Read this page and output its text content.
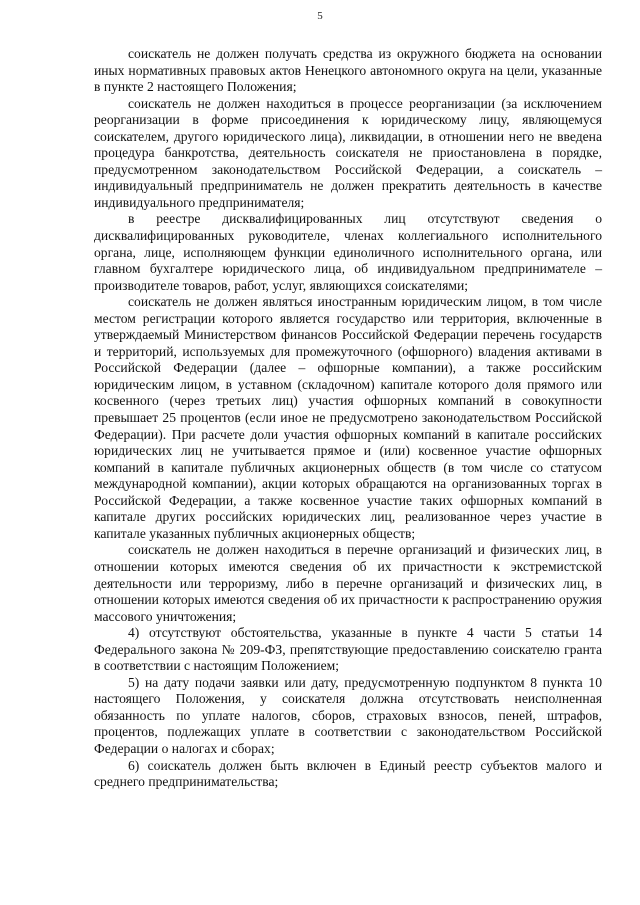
5

соискатель не должен получать средства из окружного бюджета на основании иных нормативных правовых актов Ненецкого автономного округа на цели, указанные в пункте 2 настоящего Положения;

соискатель не должен находиться в процессе реорганизации (за исключением реорганизации в форме присоединения к юридическому лицу, являющемуся соискателем, другого юридического лица), ликвидации, в отношении него не введена процедура банкротства, деятельность соискателя не приостановлена в порядке, предусмотренном законодательством Российской Федерации, а соискатель – индивидуальный предприниматель не должен прекратить деятельность в качестве индивидуального предпринимателя;

в реестре дисквалифицированных лиц отсутствуют сведения о дисквалифицированных руководителе, членах коллегиального исполнительного органа, лице, исполняющем функции единоличного исполнительного органа, или главном бухгалтере юридического лица, об индивидуальном предпринимателе – производителе товаров, работ, услуг, являющихся соискателями;

соискатель не должен являться иностранным юридическим лицом, в том числе местом регистрации которого является государство или территория, включенные в утверждаемый Министерством финансов Российской Федерации перечень государств и территорий, используемых для промежуточного (офшорного) владения активами в Российской Федерации (далее – офшорные компании), а также российским юридическим лицом, в уставном (складочном) капитале которого доля прямого или косвенного (через третьих лиц) участия офшорных компаний в совокупности превышает 25 процентов (если иное не предусмотрено законодательством Российской Федерации). При расчете доли участия офшорных компаний в капитале российских юридических лиц не учитывается прямое и (или) косвенное участие офшорных компаний в капитале публичных акционерных обществ (в том числе со статусом международной компании), акции которых обращаются на организованных торгах в Российской Федерации, а также косвенное участие таких офшорных компаний в капитале других российских юридических лиц, реализованное через участие в капитале указанных публичных акционерных обществ;

соискатель не должен находиться в перечне организаций и физических лиц, в отношении которых имеются сведения об их причастности к экстремистской деятельности или терроризму, либо в перечне организаций и физических лиц, в отношении которых имеются сведения об их причастности к распространению оружия массового уничтожения;

4) отсутствуют обстоятельства, указанные в пункте 4 части 5 статьи 14 Федерального закона № 209-ФЗ, препятствующие предоставлению соискателю гранта в соответствии с настоящим Положением;

5) на дату подачи заявки или дату, предусмотренную подпунктом 8 пункта 10 настоящего Положения, у соискателя должна отсутствовать неисполненная обязанность по уплате налогов, сборов, страховых взносов, пеней, штрафов, процентов, подлежащих уплате в соответствии с законодательством Российской Федерации о налогах и сборах;

6) соискатель должен быть включен в Единый реестр субъектов малого и среднего предпринимательства;
